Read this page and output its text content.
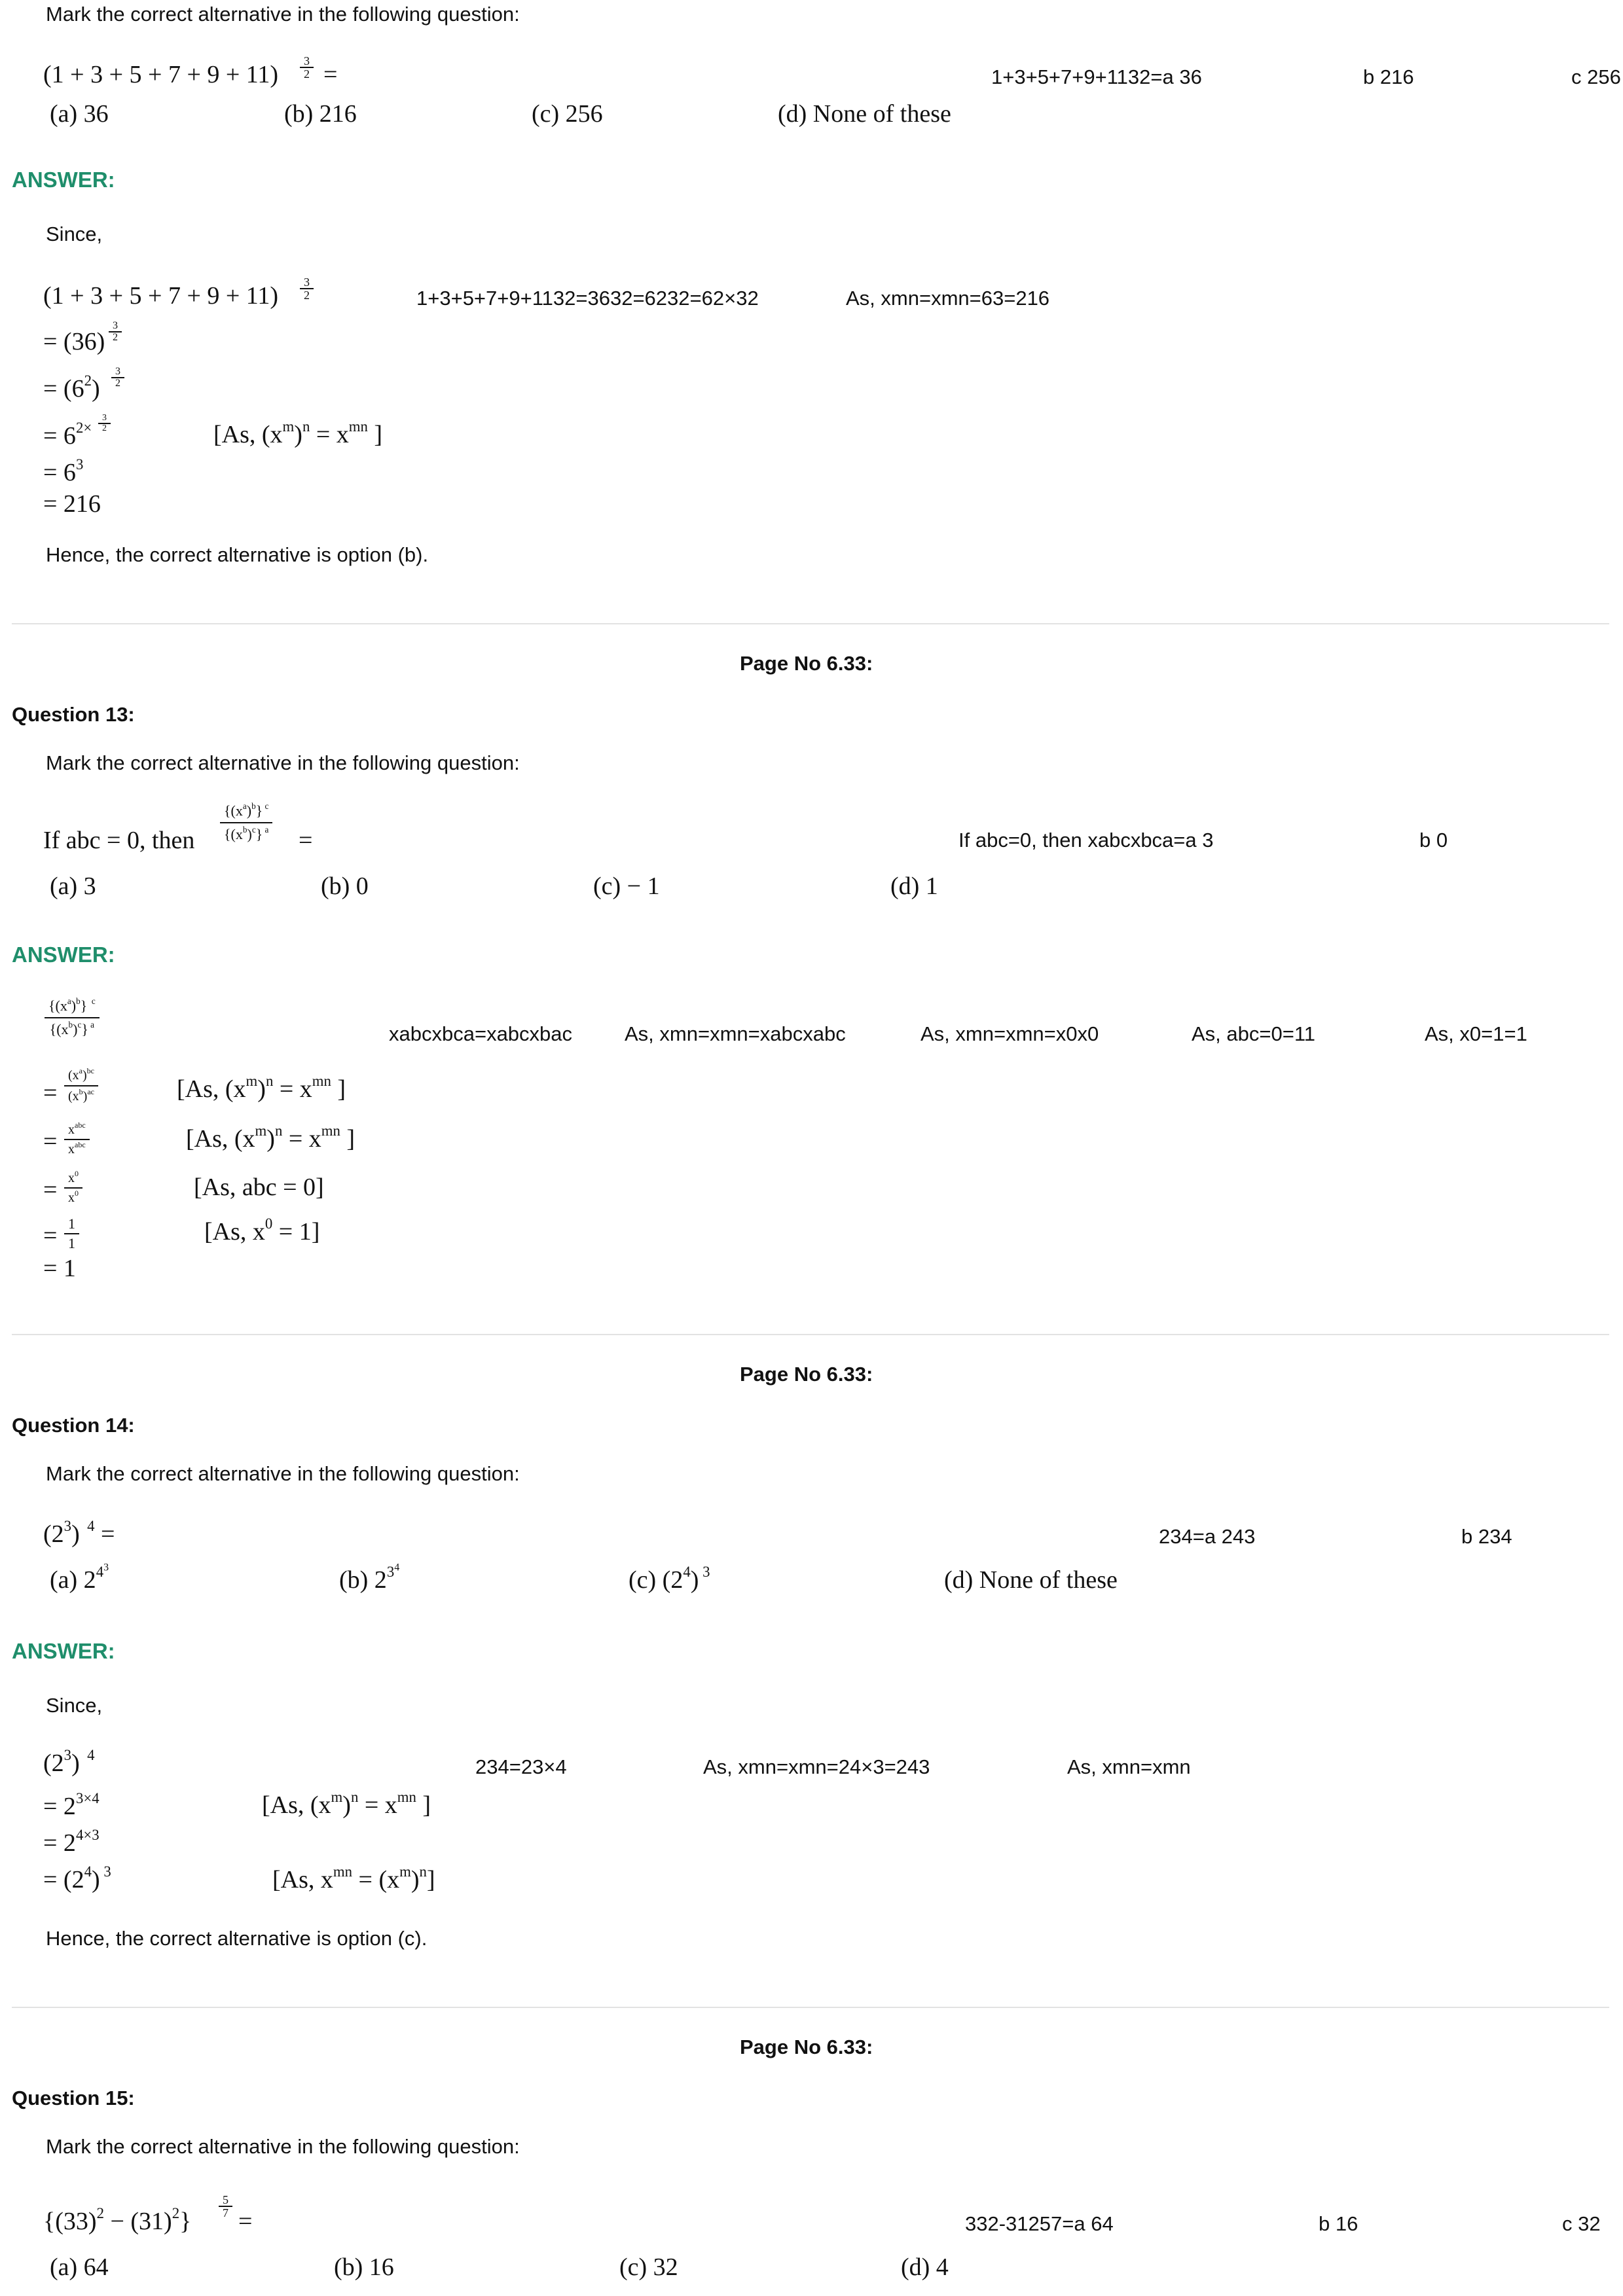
Mark the correct alternative in the following question:
$(1 + 3 + 5 + 7 + 9 + 11) \frac{3}{2}$ =	1+3+5+7+9+1132=a 36	b 216	c 256
(a) 36	(b) 216	(c) 256	(d) None of these
ANSWER:
Since,
$(1 + 3 + 5 + 7 + 9 + 11) \frac{3}{2}$	1+3+5+7+9+1132=3632=6232=62×32	As, xmn=xmn=63=216
= $(36) \frac{3}{2}$
= $(6^2) \frac{3}{2}$
= $6^{2\times} \frac{3}{2}$	[As, $(x^m)^n = x^{mn}$ ]
= $6^3$
= 216
Hence, the correct alternative is option (b).
Page No 6.33:
Question 13:
Mark the correct alternative in the following question:
If abc = 0, then $\frac{\{(x^a)^b\} ^c}{\{(x^b)^c\} ^a}$ =	If abc=0, then xabcxbca=a 3	b 0
(a) 3	(b) 0	(c) − 1	(d) 1
ANSWER:
$\frac{\{(x^a)^b\} ^c}{\{(x^b)^c\} ^a}$	xabcxbca=xabcxbac	As, xmn=xmn=xabcxabc	As, xmn=xmn=x0x0	As, abc=0=11	As, x0=1=1
= $\frac{(x^a)^{bc}}{(x^b)^{ac}}$	[As, $(x^m)^n = x^{mn}$ ]
= $x^{abc}$
$x^{abc}$	[As, $(x^m)^n = x^{mn}$ ]
= $\frac{x^0}{x^0}$	[As, abc = 0]
= $\frac{1}{1}$	[As, $x^0 = 1$]
= 1
Page No 6.33:
Question 14:
Mark the correct alternative in the following question:
$(2^3) ^4$ =	234=a 243	b 234
(a) $2^{4^3}$	(b) $2^{3^4}$	(c) $(2^4)$ $^3$	(d) None of these
ANSWER:
Since,
$(2^3)$  $^4$
234=23×4	As, xmn=xmn=24×3=243	As, xmn=xmn
= $2^{3\times 4}$	[As, $(x^m)^n = x^{mn}$ ]
= $2^{4\times 3}$
= $(2^4)$ $^3$	[As, $x^{mn} = (x^m)^n$]
Hence, the correct alternative is option (c).
Page No 6.33:
Question 15:
Mark the correct alternative in the following question:
$\{(33)^2 - (31)^2\}$
$\frac{5}{7}$
=	332-31257=a 64	b 16	c 32
(a) 64	(b) 16	(c) 32	(d) 4
